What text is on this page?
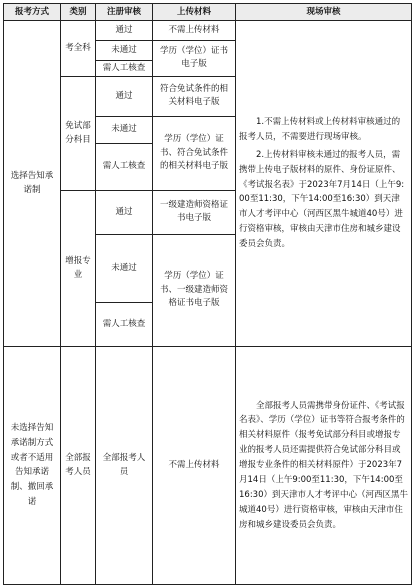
报考方式	类别	注册审核	上传材料	现场审核
选择告知承诺制	考全科	通过	不需上传材料	1.不需上传材料或上传材料审核通过的报考人员，不需要进行现场审核。

2.上传材料审核未通过的报考人员，需携带上传电子版材料的原件、身份证原件、《考试报名表》于2023年7月14日（上午9:00至11:30，下午14:00至16:30）到天津市人才考评中心（河西区黑牛城道40号）进行资格审核，审核由天津市住房和城乡建设委员会负责。

		未通过	学历（学位）证书电子版	
		需人工核查		
	免试部分科目	通过	符合免试条件的相关材料电子版	
		未通过	学历（学位）证书、符合免试条件的相关材料电子版	
		需人工核查		
	增报专业	通过	一级建造师资格证书电子版	
		未通过	学历（学位）证书、一级建造师资格证书电子版	
		需人工核查		
未选择告知承诺制方式或者不适用告知承诺制、撤回承诺	全部报考人员	全部报考人员	不需上传材料	全部报考人员需携带身份证件、《考试报名表》、学历（学位）证书等符合报考条件的相关材料原件（报考免试部分科目或增报专业的报考人员还需提供符合免试部分科目或增报专业条件的相关材料原件）于2023年7月14日（上午9:00至11:30，下午14:00至16:30）到天津市人才考评中心（河西区黑牛城道40号）进行资格审核，审核由天津市住房和城乡建设委员会负责。
